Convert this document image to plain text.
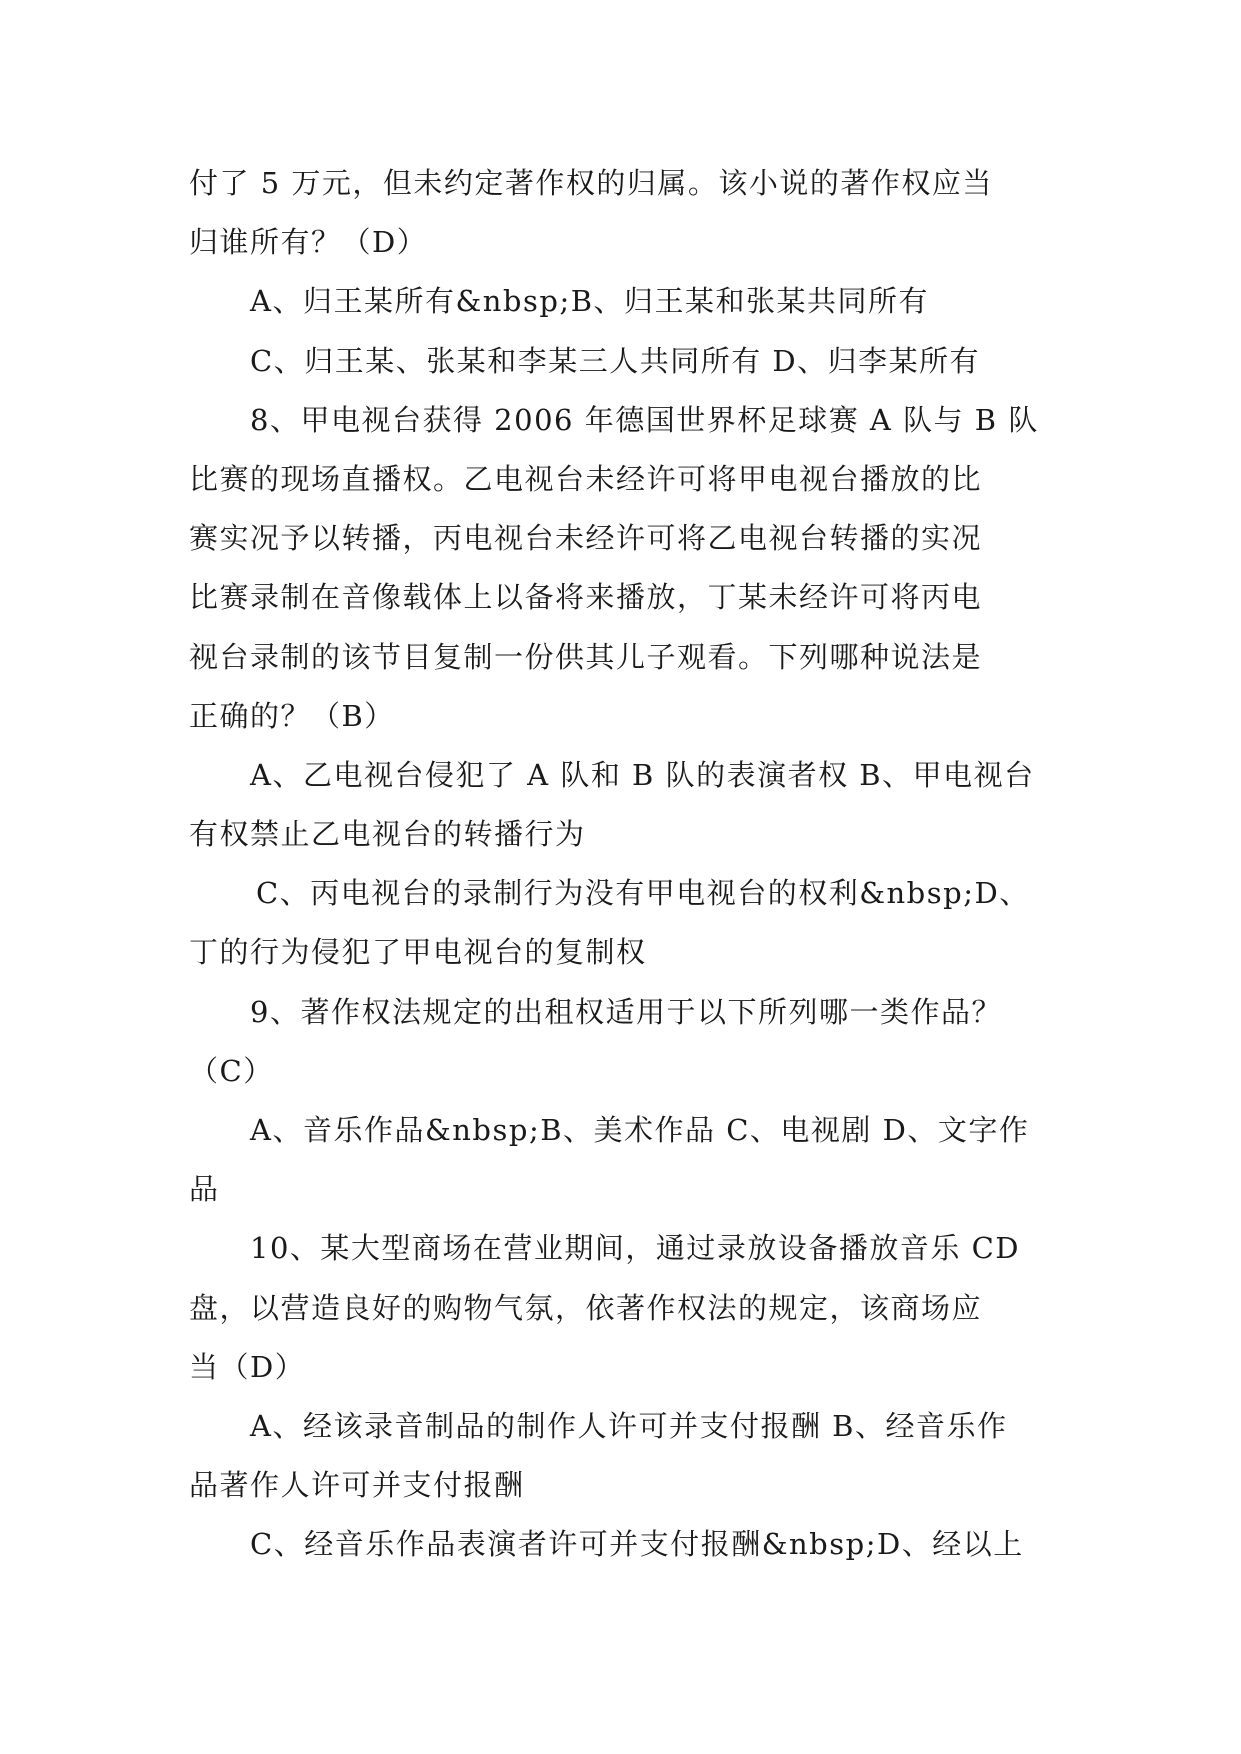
付了 5 万元，但未约定著作权的归属。该小说的著作权应当
归谁所有？（D）
A、归王某所有&nbsp;B、归王某和张某共同所有
C、归王某、张某和李某三人共同所有 D、归李某所有
8、甲电视台获得 2006 年德国世界杯足球赛 A 队与 B 队
比赛的现场直播权。乙电视台未经许可将甲电视台播放的比
赛实况予以转播，丙电视台未经许可将乙电视台转播的实况
比赛录制在音像载体上以备将来播放，丁某未经许可将丙电
视台录制的该节目复制一份供其儿子观看。下列哪种说法是
正确的？（B）
A、乙电视台侵犯了 A 队和 B 队的表演者权 B、甲电视台
有权禁止乙电视台的转播行为
C、丙电视台的录制行为没有甲电视台的权利&nbsp;D、
丁的行为侵犯了甲电视台的复制权
9、著作权法规定的出租权适用于以下所列哪一类作品？
（C）
A、音乐作品&nbsp;B、美术作品 C、电视剧 D、文字作
品
10、某大型商场在营业期间，通过录放设备播放音乐 CD
盘，以营造良好的购物气氛，依著作权法的规定，该商场应
当（D）
A、经该录音制品的制作人许可并支付报酬 B、经音乐作
品著作人许可并支付报酬
C、经音乐作品表演者许可并支付报酬&nbsp;D、经以上
